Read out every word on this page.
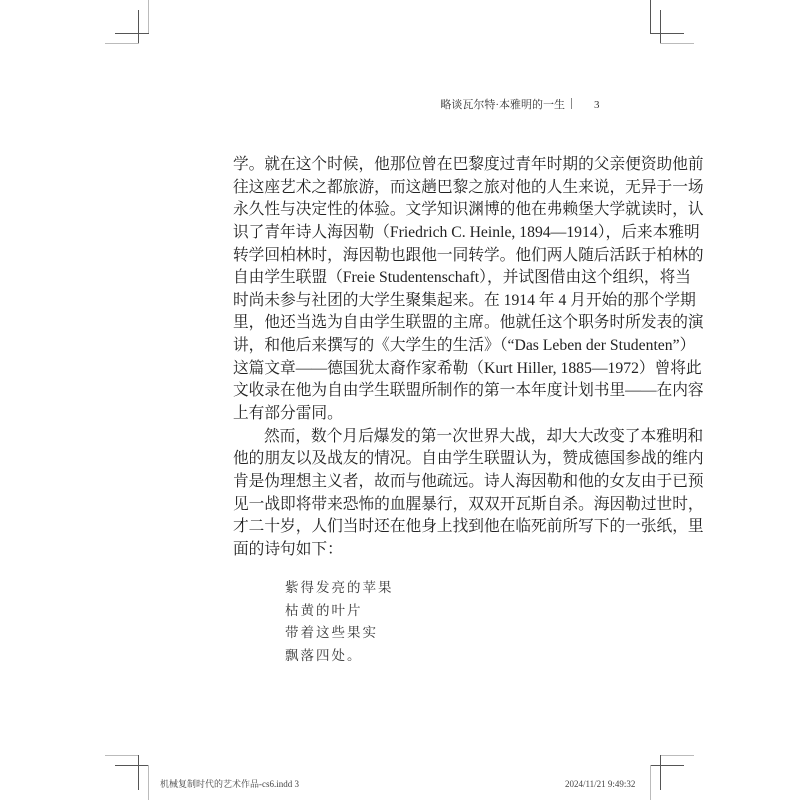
略谈瓦尔特·本雅明的一生	3
学。就在这个时候，他那位曾在巴黎度过青年时期的父亲便资助他前
往这座艺术之都旅游，而这趟巴黎之旅对他的人生来说，无异于一场
永久性与决定性的体验。文学知识渊博的他在弗赖堡大学就读时，认
识了青年诗人海因勒（Friedrich C. Heinle, 1894—1914），后来本雅明
转学回柏林时，海因勒也跟他一同转学。他们两人随后活跃于柏林的
自由学生联盟（Freie Studentenschaft），并试图借由这个组织，将当
时尚未参与社团的大学生聚集起来。在 1914 年 4 月开始的那个学期
里，他还当选为自由学生联盟的主席。他就任这个职务时所发表的演
讲，和他后来撰写的《大学生的生活》（“Das Leben der Studenten”）
这篇文章——德国犹太裔作家希勒（Kurt Hiller, 1885—1972）曾将此
文收录在他为自由学生联盟所制作的第一本年度计划书里——在内容
上有部分雷同。
然而，数个月后爆发的第一次世界大战，却大大改变了本雅明和
他的朋友以及战友的情况。自由学生联盟认为，赞成德国参战的维内
肯是伪理想主义者，故而与他疏远。诗人海因勒和他的女友由于已预
见一战即将带来恐怖的血腥暴行，双双开瓦斯自杀。海因勒过世时，
才二十岁，人们当时还在他身上找到他在临死前所写下的一张纸，里
面的诗句如下：
紫得发亮的苹果
枯黄的叶片
带着这些果实
飘落四处。
机械复制时代的艺术作品-cs6.indd 3	2024/11/21 9:49:32
